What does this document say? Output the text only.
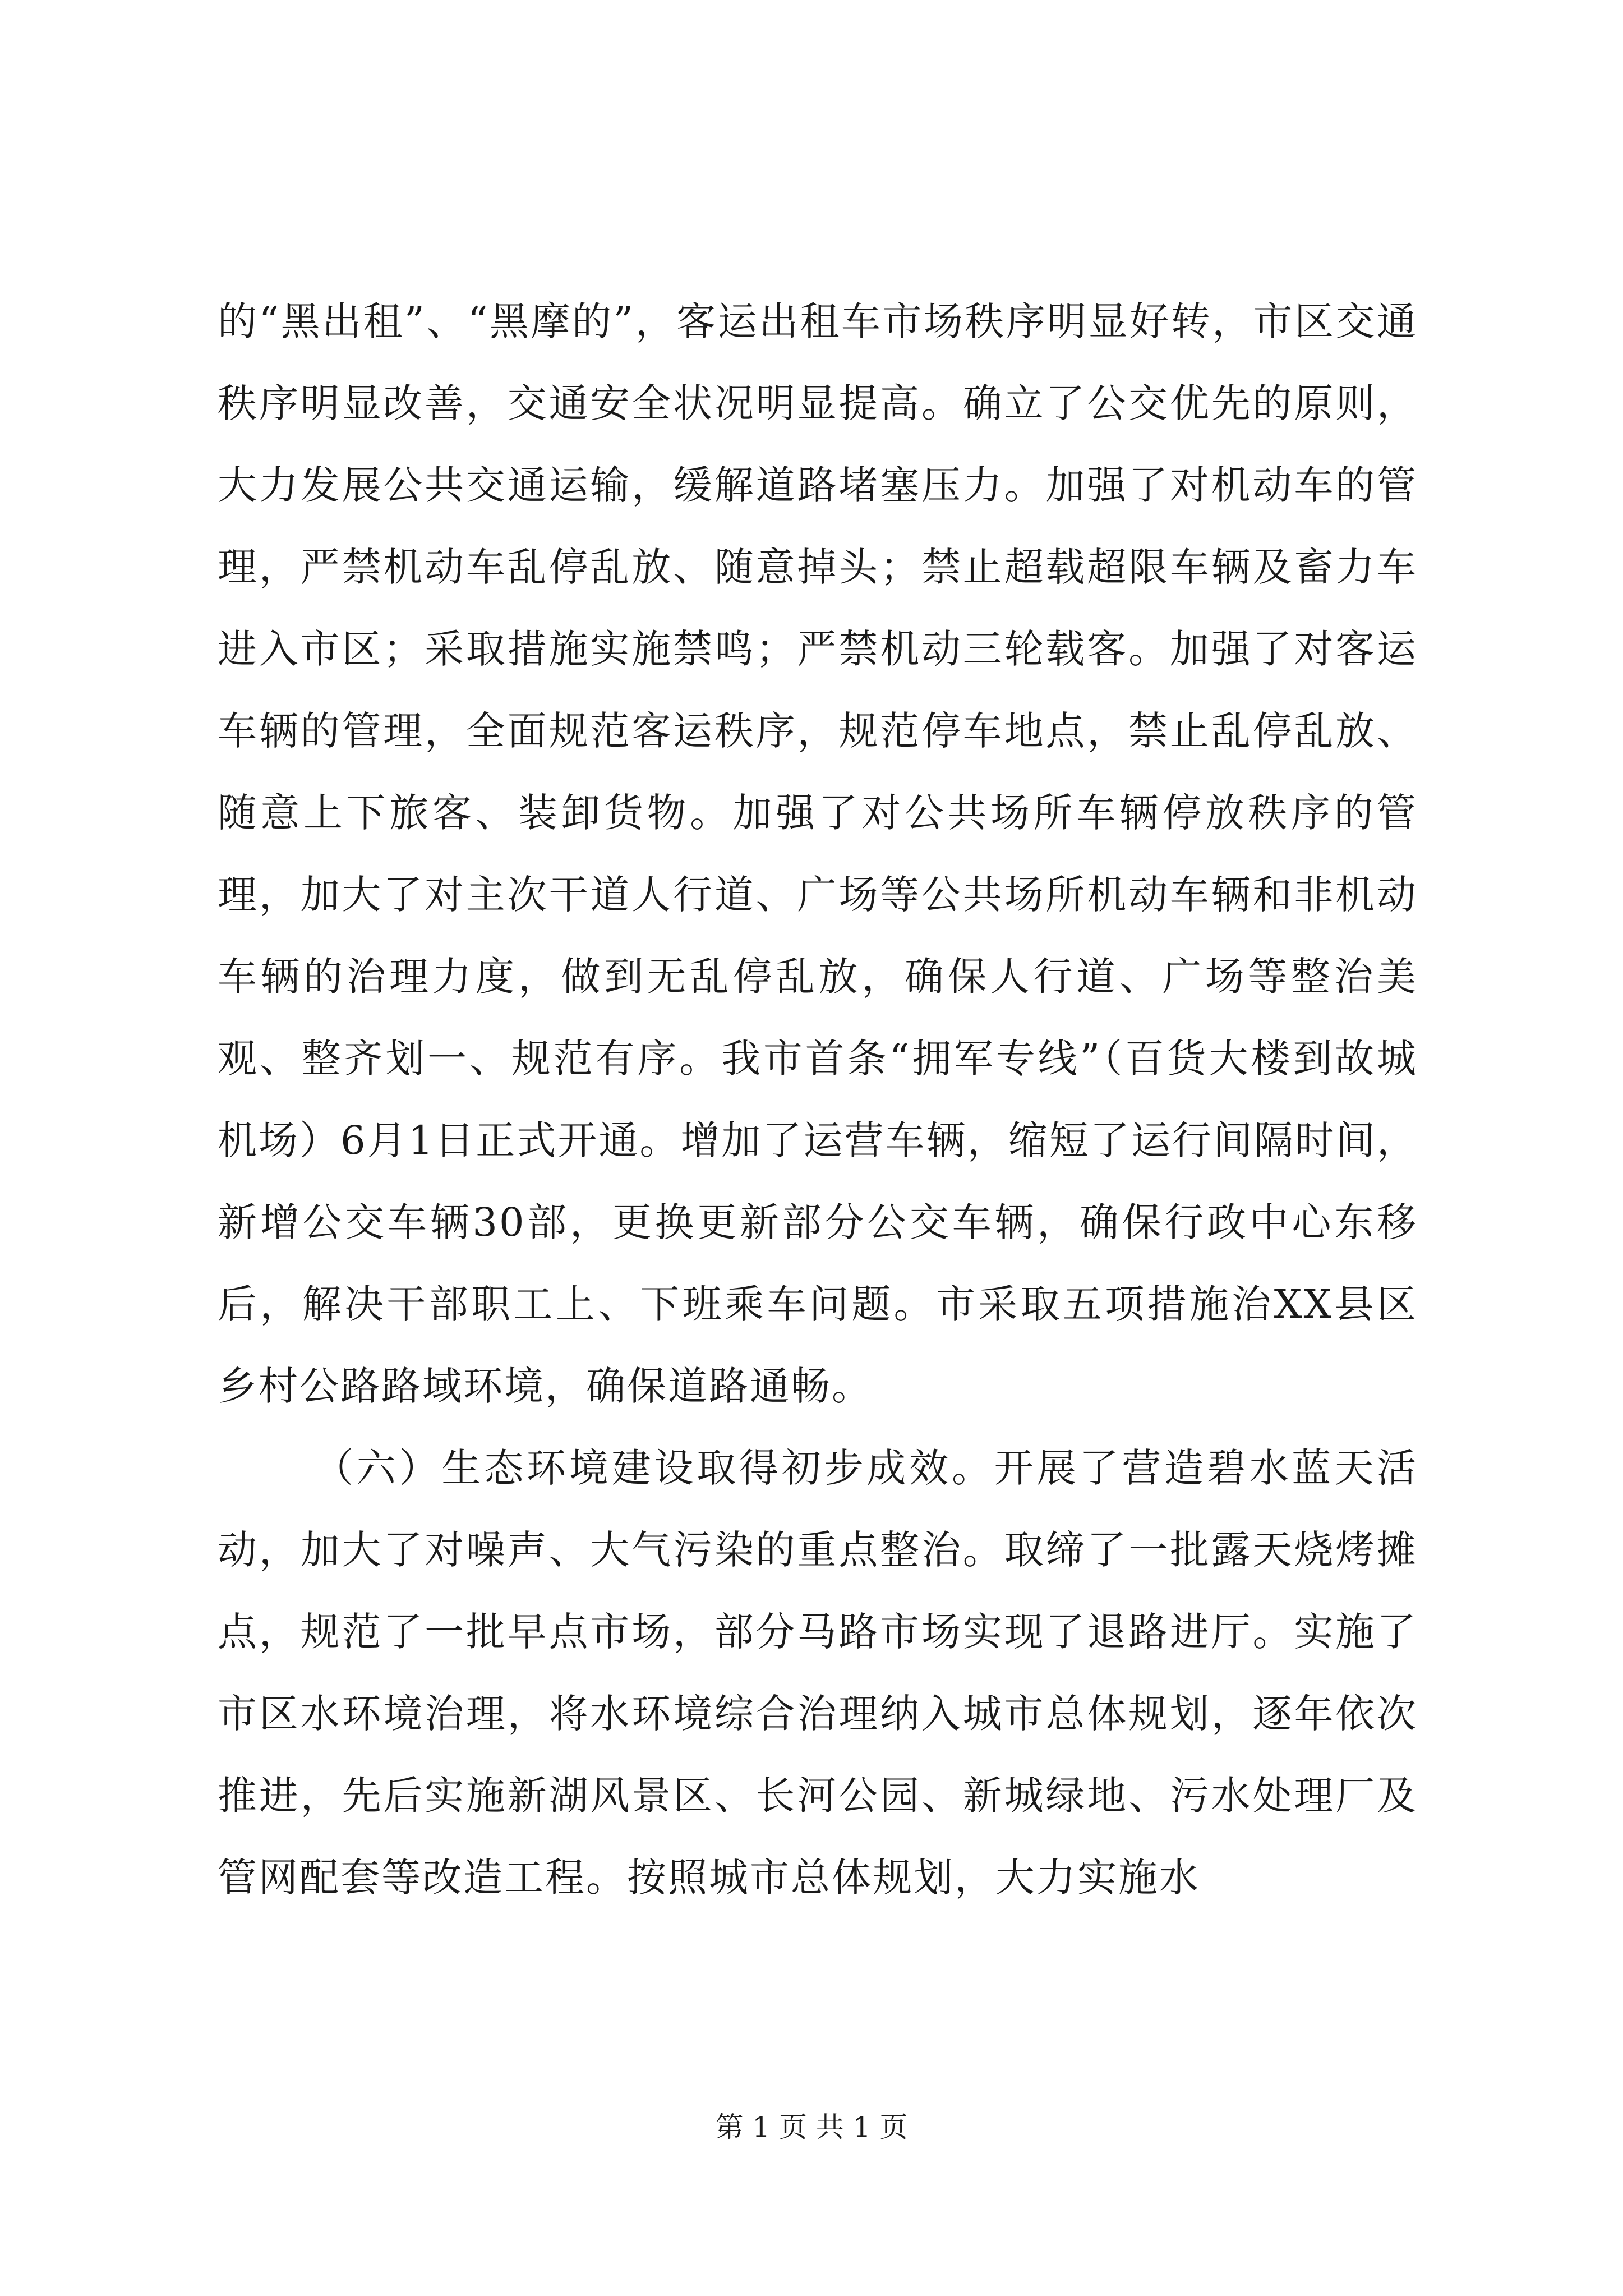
的“黑出租”、“黑摩的”，客运出租车市场秩序明显好转，市区交通秩序明显改善，交通安全状况明显提高。确立了公交优先的原则，大力发展公共交通运输，缓解道路堵塞压力。加强了对机动车的管理，严禁机动车乱停乱放、随意掉头；禁止超载超限车辆及畜力车进入市区；采取措施实施禁鸣；严禁机动三轮载客。加强了对客运车辆的管理，全面规范客运秩序，规范停车地点，禁止乱停乱放、随意上下旅客、装卸货物。加强了对公共场所车辆停放秩序的管理，加大了对主次干道人行道、广场等公共场所机动车辆和非机动车辆的治理力度，做到无乱停乱放，确保人行道、广场等整治美观、整齐划一、规范有序。我市首条“拥军专线”（百货大楼到故城机场）6月1日正式开通。增加了运营车辆，缩短了运行间隔时间，新增公交车辆30部，更换更新部分公交车辆，确保行政中心东移后，解决干部职工上、下班乘车问题。市采取五项措施治XX县区乡村公路路域环境，确保道路通畅。

（六）生态环境建设取得初步成效。开展了营造碧水蓝天活动，加大了对噪声、大气污染的重点整治。取缔了一批露天烧烤摊点，规范了一批早点市场，部分马路市场实现了退路进厅。实施了市区水环境治理，将水环境综合治理纳入城市总体规划，逐年依次推进，先后实施新湖风景区、长河公园、新城绿地、污水处理厂及管网配套等改造工程。按照城市总体规划，大力实施水

第 1 页 共 1 页
